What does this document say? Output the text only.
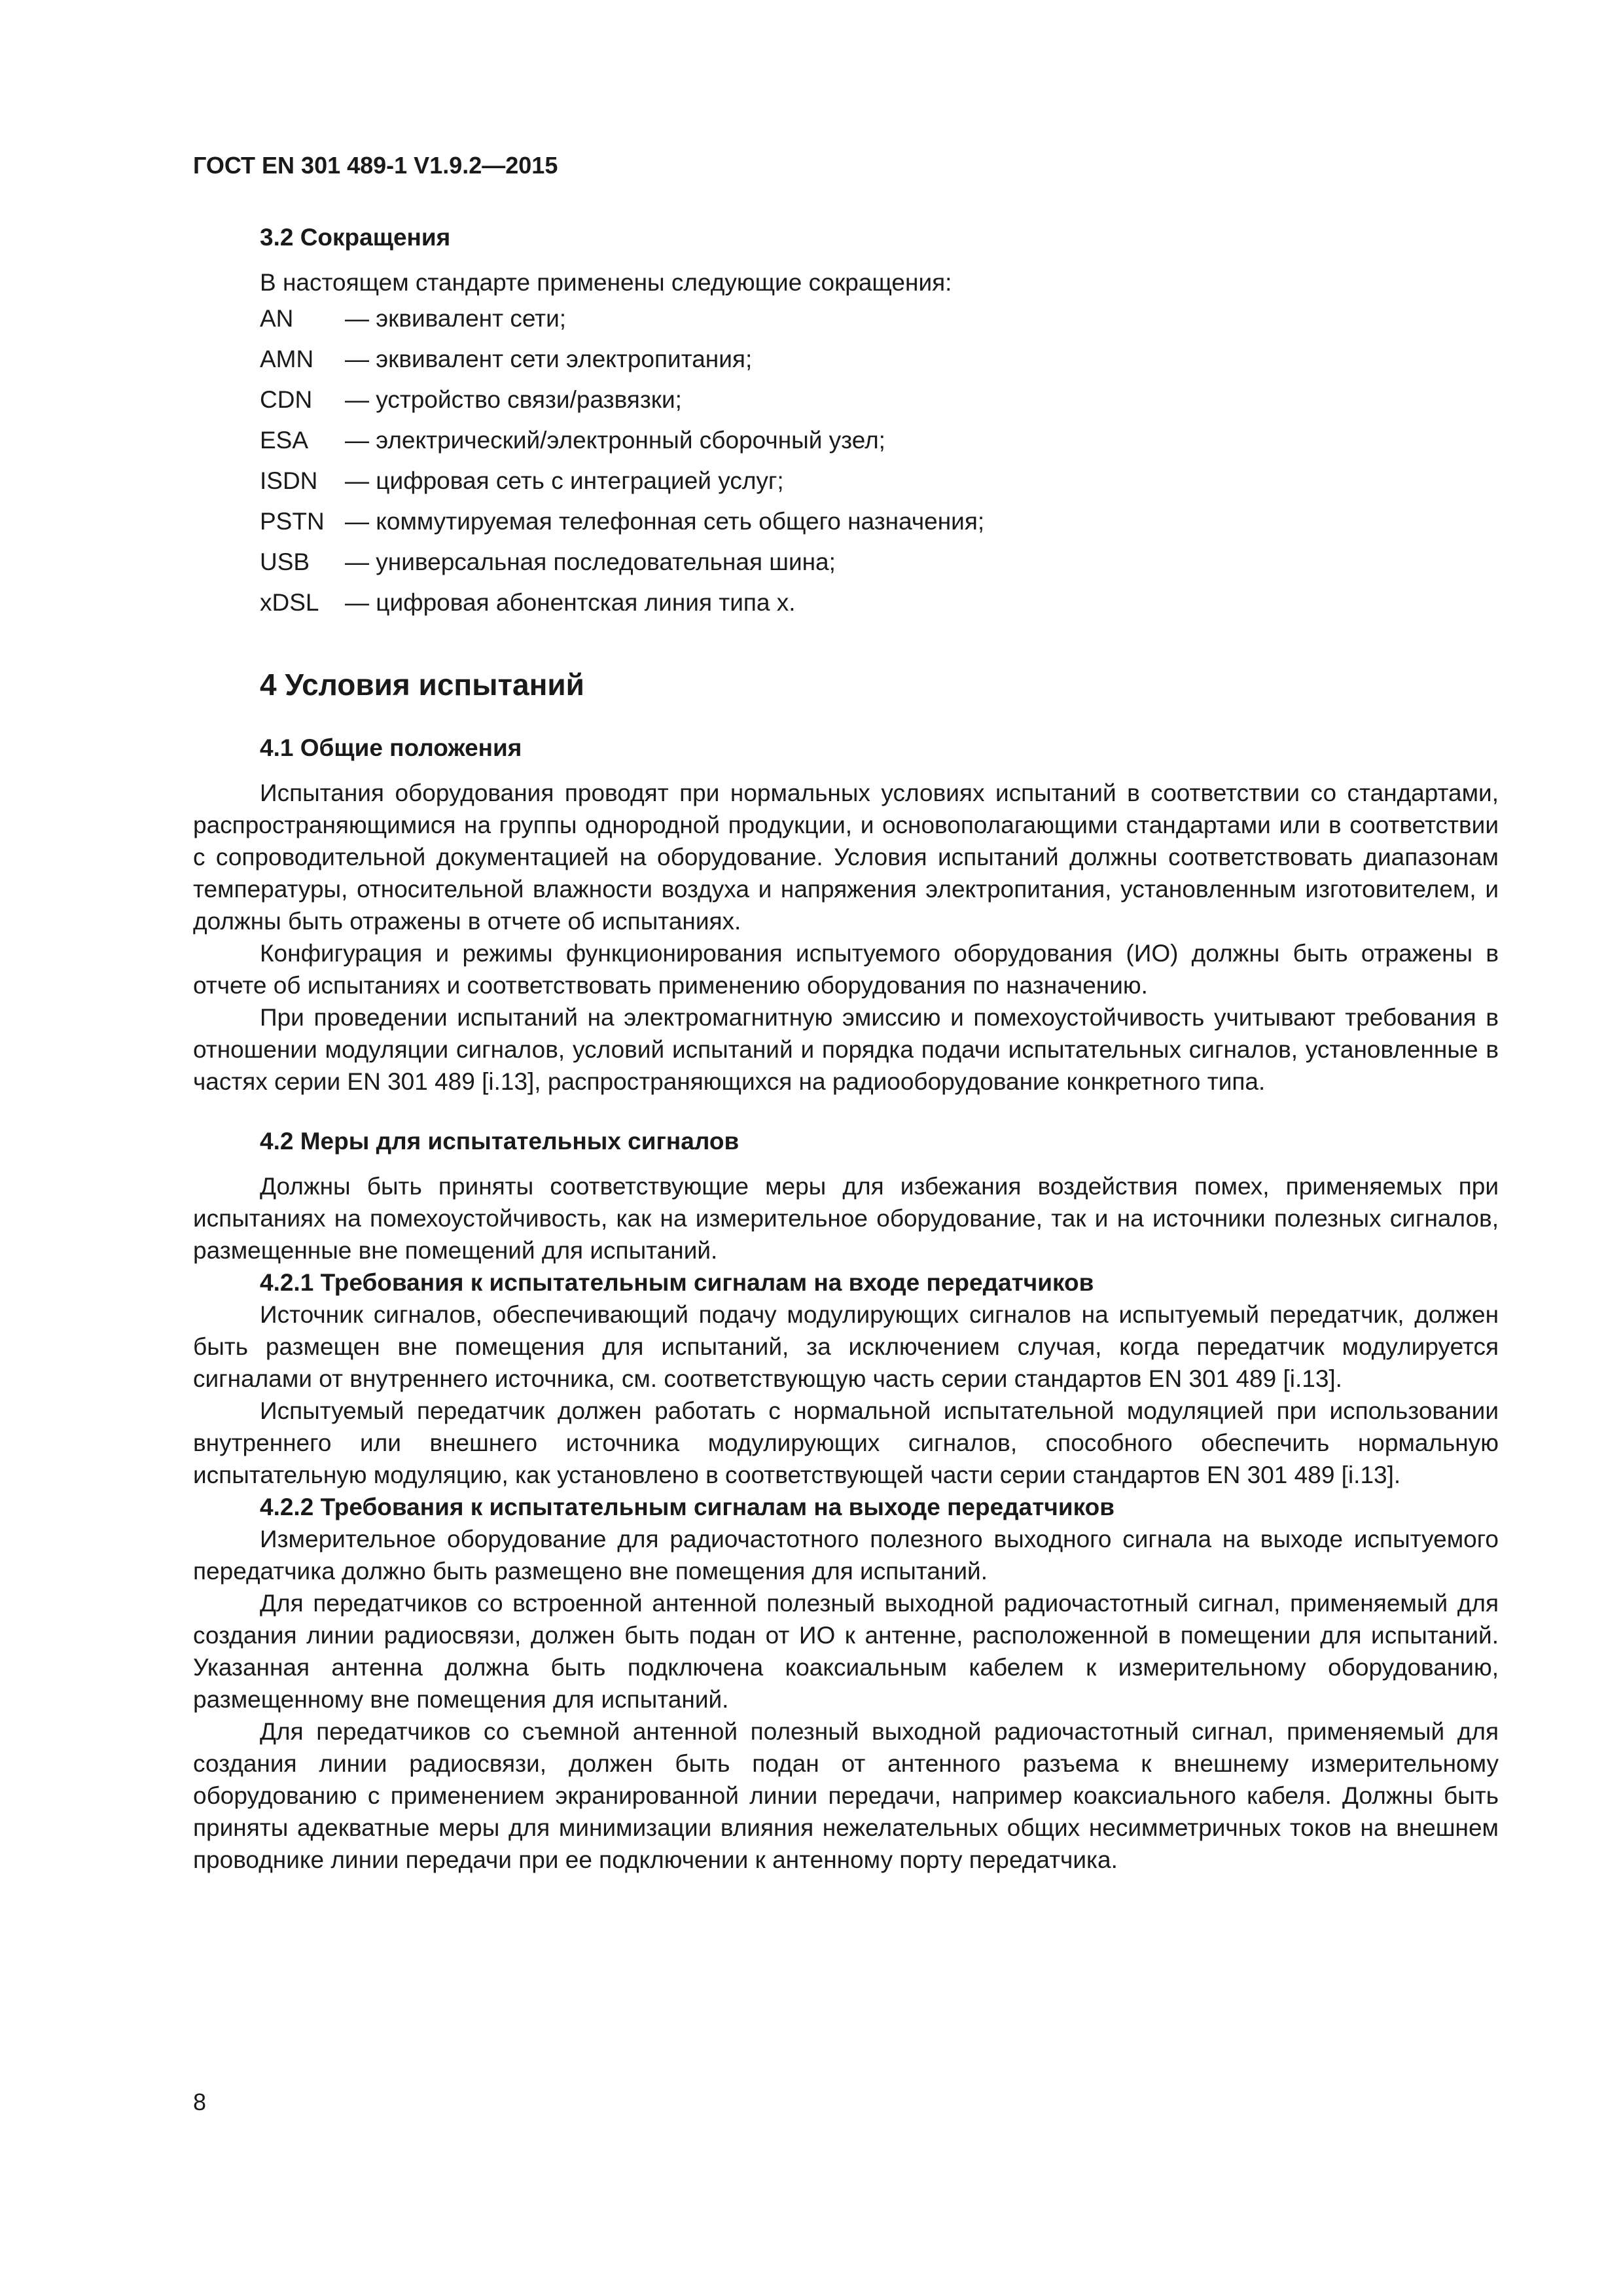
ГОСТ EN 301 489-1 V1.9.2—2015
3.2 Сокращения

В настоящем стандарте применены следующие сокращения:

AN	— эквивалент сети;
AMN	— эквивалент сети электропитания;
CDN	— устройство связи/развязки;
ESA	— электрический/электронный сборочный узел;
ISDN	— цифровая сеть с интеграцией услуг;
PSTN — коммутируемая телефонная сеть общего назначения;
USB	— универсальная последовательная шина;
xDSL	— цифровая абонентская линия типа x.
4 Условия испытаний
4.1 Общие положения

Испытания оборудования проводят при нормальных условиях испытаний в соответствии со стандартами, распространяющимися на группы однородной продукции, и основополагающими стандартами или в соответствии с сопроводительной документацией на оборудование. Условия испытаний должны соответствовать диапазонам температуры, относительной влажности воздуха и напряжения электропитания, установленным изготовителем, и должны быть отражены в отчете об испытаниях.

Конфигурация и режимы функционирования испытуемого оборудования (ИО) должны быть отражены в отчете об испытаниях и соответствовать применению оборудования по назначению.

При проведении испытаний на электромагнитную эмиссию и помехоустойчивость учитывают требования в отношении модуляции сигналов, условий испытаний и порядка подачи испытательных сигналов, установленные в частях серии EN 301 489 [i.13], распространяющихся на радиооборудование конкретного типа.

4.2 Меры для испытательных сигналов

Должны быть приняты соответствующие меры для избежания воздействия помех, применяемых при испытаниях на помехоустойчивость, как на измерительное оборудование, так и на источники полезных сигналов, размещенные вне помещений для испытаний.

4.2.1 Требования к испытательным сигналам на входе передатчиков

Источник сигналов, обеспечивающий подачу модулирующих сигналов на испытуемый передатчик, должен быть размещен вне помещения для испытаний, за исключением случая, когда передатчик модулируется сигналами от внутреннего источника, см. соответствующую часть серии стандартов EN 301 489 [i.13].

Испытуемый передатчик должен работать с нормальной испытательной модуляцией при использовании внутреннего или внешнего источника модулирующих сигналов, способного обеспечить нормальную испытательную модуляцию, как установлено в соответствующей части серии стандартов EN 301 489 [i.13].

4.2.2 Требования к испытательным сигналам на выходе передатчиков

Измерительное оборудование для радиочастотного полезного выходного сигнала на выходе испытуемого передатчика должно быть размещено вне помещения для испытаний.

Для передатчиков со встроенной антенной полезный выходной радиочастотный сигнал, применяемый для создания линии радиосвязи, должен быть подан от ИО к антенне, расположенной в помещении для испытаний. Указанная антенна должна быть подключена коаксиальным кабелем к измерительному оборудованию, размещенному вне помещения для испытаний.

Для передатчиков со съемной антенной полезный выходной радиочастотный сигнал, применяемый для создания линии радиосвязи, должен быть подан от антенного разъема к внешнему измерительному оборудованию с применением экранированной линии передачи, например коаксиального кабеля. Должны быть приняты адекватные меры для минимизации влияния нежелательных общих несимметричных токов на внешнем проводнике линии передачи при ее подключении к антенному порту передатчика.

8
